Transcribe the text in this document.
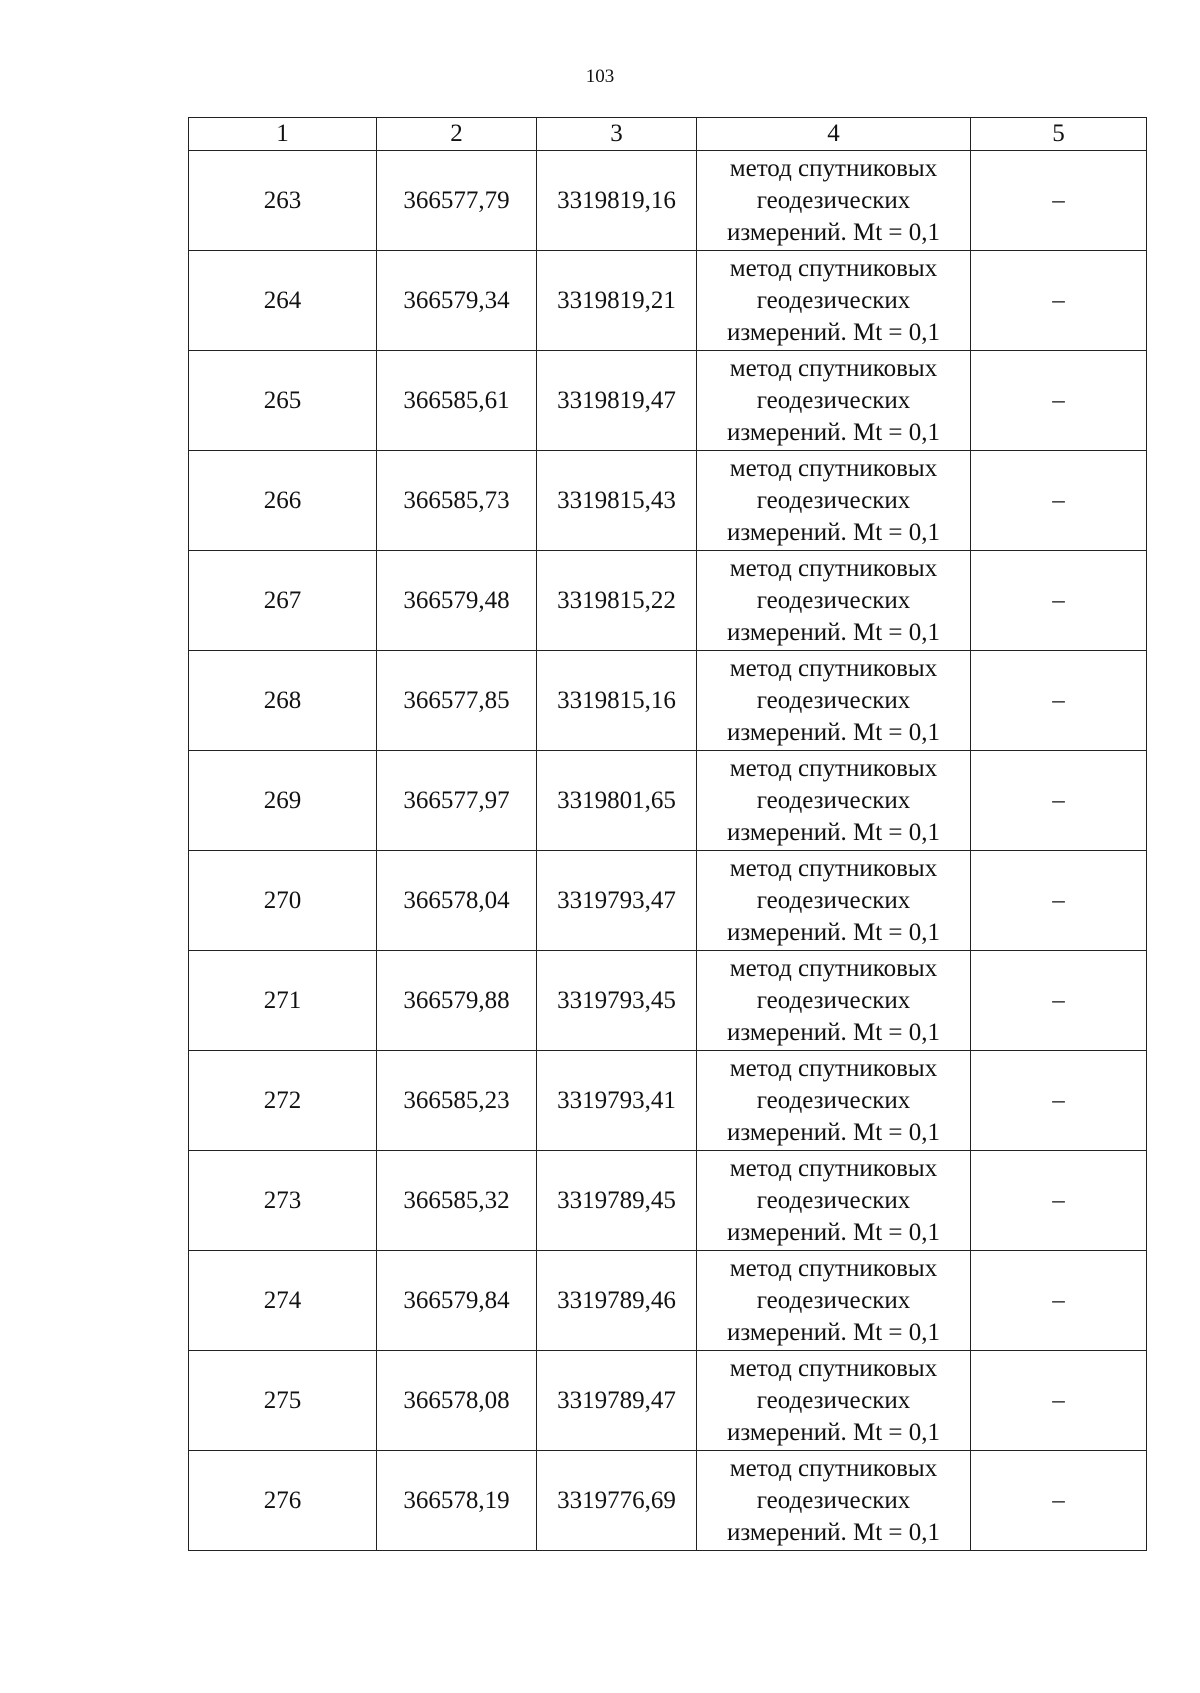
103
1	2	3	4	5
263	366577,79	3319819,16	метод спутниковых
геодезических
измерений. Mt = 0,1	–
264	366579,34	3319819,21	метод спутниковых
геодезических
измерений. Mt = 0,1	–
265	366585,61	3319819,47	метод спутниковых
геодезических
измерений. Mt = 0,1	–
266	366585,73	3319815,43	метод спутниковых
геодезических
измерений. Mt = 0,1	–
267	366579,48	3319815,22	метод спутниковых
геодезических
измерений. Mt = 0,1	–
268	366577,85	3319815,16	метод спутниковых
геодезических
измерений. Mt = 0,1	–
269	366577,97	3319801,65	метод спутниковых
геодезических
измерений. Mt = 0,1	–
270	366578,04	3319793,47	метод спутниковых
геодезических
измерений. Mt = 0,1	–
271	366579,88	3319793,45	метод спутниковых
геодезических
измерений. Mt = 0,1	–
272	366585,23	3319793,41	метод спутниковых
геодезических
измерений. Mt = 0,1	–
273	366585,32	3319789,45	метод спутниковых
геодезических
измерений. Mt = 0,1	–
274	366579,84	3319789,46	метод спутниковых
геодезических
измерений. Mt = 0,1	–
275	366578,08	3319789,47	метод спутниковых
геодезических
измерений. Mt = 0,1	–
276	366578,19	3319776,69	метод спутниковых
геодезических
измерений. Mt = 0,1	–
